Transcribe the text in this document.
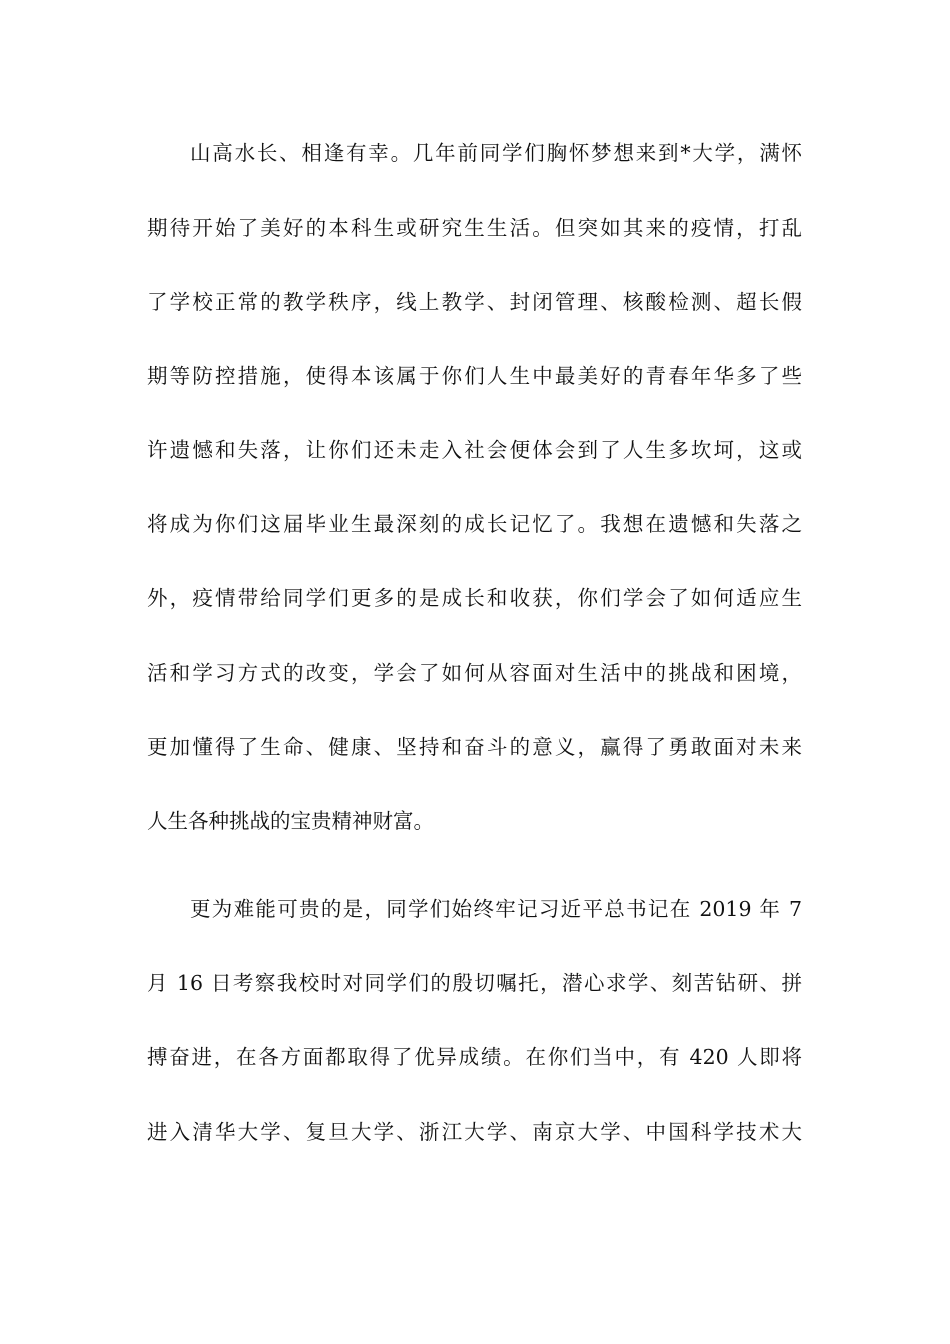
山高水长、相逢有幸。几年前同学们胸怀梦想来到*大学，满怀
期待开始了美好的本科生或研究生生活。但突如其来的疫情，打乱
了学校正常的教学秩序，线上教学、封闭管理、核酸检测、超长假
期等防控措施，使得本该属于你们人生中最美好的青春年华多了些
许遗憾和失落，让你们还未走入社会便体会到了人生多坎坷，这或
将成为你们这届毕业生最深刻的成长记忆了。我想在遗憾和失落之
外，疫情带给同学们更多的是成长和收获，你们学会了如何适应生
活和学习方式的改变，学会了如何从容面对生活中的挑战和困境，
更加懂得了生命、健康、坚持和奋斗的意义，赢得了勇敢面对未来
人生各种挑战的宝贵精神财富。
更为难能可贵的是，同学们始终牢记习近平总书记在 2019 年 7
月 16 日考察我校时对同学们的殷切嘱托，潜心求学、刻苦钻研、拼
搏奋进，在各方面都取得了优异成绩。在你们当中，有 420 人即将
进入清华大学、复旦大学、浙江大学、南京大学、中国科学技术大
